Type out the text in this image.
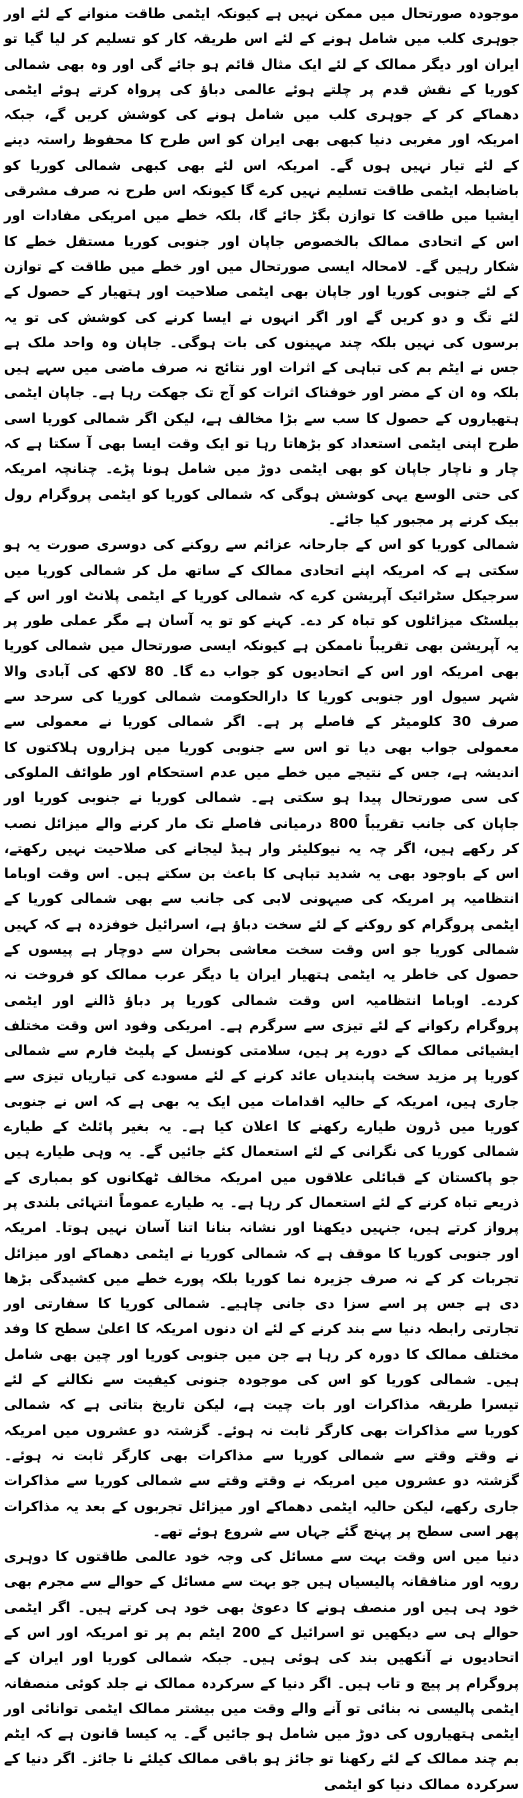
موجودہ صورتحال میں ممکن نہیں ہے کیونکہ ایٹمی طاقت منوانے کے لئے اور جوہری کلب میں شامل ہونے کے لئے اس طریقہ کار کو تسلیم کر لیا گیا تو ایران اور دیگر ممالک کے لئے ایک مثال قائم ہو جائے گی اور وہ بھی شمالی کوریا کے نقش قدم پر چلتے ہوئے عالمی دباؤ کی پرواہ کرتے ہوئے ایٹمی دھماکے کر کے جوہری کلب میں شامل ہونے کی کوشش کریں گے، جبکہ امریکہ اور مغربی دنیا کبھی بھی ایران کو اس طرح کا محفوظ راستہ دینے کے لئے تیار نہیں ہوں گے۔ امریکہ اس لئے بھی کبھی شمالی کوریا کو باضابطہ ایٹمی طاقت تسلیم نہیں کرے گا کیونکہ اس طرح نہ صرف مشرقی ایشیا میں طاقت کا توازن بگڑ جائے گا، بلکہ خطے میں امریکی مفادات اور اس کے اتحادی ممالک بالخصوص جاپان اور جنوبی کوریا مستقل خطے کا شکار رہیں گے۔ لامحالہ ایسی صورتحال میں اور خطے میں طاقت کے توازن کے لئے جنوبی کوریا اور جاپان بھی ایٹمی صلاحیت اور ہتھیار کے حصول کے لئے تگ و دو کریں گے اور اگر انہوں نے ایسا کرنے کی کوشش کی تو یہ برسوں کی نہیں بلکہ چند مہینوں کی بات ہوگی۔ جاپان وہ واحد ملک ہے جس نے ایٹم بم کی تباہی کے اثرات اور نتائج نہ صرف ماضی میں سہے ہیں بلکہ وہ ان کے مضر اور خوفناک اثرات کو آج تک جھکت رہا ہے۔ جاپان ایٹمی ہتھیاروں کے حصول کا سب سے بڑا مخالف ہے، لیکن اگر شمالی کوریا اسی طرح اپنی ایٹمی استعداد کو بڑھاتا رہا تو ایک وقت ایسا بھی آ سکتا ہے کہ چار و ناچار جاپان کو بھی ایٹمی دوڑ میں شامل ہونا پڑے۔ چنانچہ امریکہ کی حتی الوسع یہی کوشش ہوگی کہ شمالی کوریا کو ایٹمی پروگرام رول بیک کرنے پر مجبور کیا جائے۔

شمالی کوریا کو اس کے جارحانہ عزائم سے روکنے کی دوسری صورت یہ ہو سکتی ہے کہ امریکہ اپنے اتحادی ممالک کے ساتھ مل کر شمالی کوریا میں سرجیکل سٹرائیک آپریشن کرے کہ شمالی کوریا کے ایٹمی پلانٹ اور اس کے بیلسٹک میزائلوں کو تباہ کر دے۔ کہنے کو تو یہ آسان ہے مگر عملی طور پر یہ آپریشن بھی تقریباً ناممکن ہے کیونکہ ایسی صورتحال میں شمالی کوریا بھی امریکہ اور اس کے اتحادیوں کو جواب دے گا۔ 80 لاکھ کی آبادی والا شہر سیول اور جنوبی کوریا کا دارالحکومت شمالی کوریا کی سرحد سے صرف 30 کلومیٹر کے فاصلے پر ہے۔ اگر شمالی کوریا نے معمولی سے معمولی جواب بھی دیا تو اس سے جنوبی کوریا میں ہزاروں ہلاکتوں کا اندیشہ ہے، جس کے نتیجے میں خطے میں عدم استحکام اور طوائف الملوکی کی سی صورتحال پیدا ہو سکتی ہے۔ شمالی کوریا نے جنوبی کوریا اور جاپان کی جانب تقریباً 800 درمیانی فاصلے تک مار کرنے والے میزائل نصب کر رکھے ہیں، اگر چہ یہ نیوکلیئر وار ہیڈ لیجانے کی صلاحیت نہیں رکھتے، اس کے باوجود بھی یہ شدید تباہی کا باعث بن سکتے ہیں۔ اس وقت اوباما انتظامیہ پر امریکہ کی صیہونی لابی کی جانب سے بھی شمالی کوریا کے ایٹمی پروگرام کو روکنے کے لئے سخت دباؤ ہے، اسرائیل خوفزدہ ہے کہ کہیں شمالی کوریا جو اس وقت سخت معاشی بحران سے دوچار ہے پیسوں کے حصول کی خاطر یہ ایٹمی ہتھیار ایران یا دیگر عرب ممالک کو فروخت نہ کردے۔ اوباما انتظامیہ اس وقت شمالی کوریا پر دباؤ ڈالنے اور ایٹمی پروگرام رکوانے کے لئے تیزی سے سرگرم ہے۔ امریکی وفود اس وقت مختلف ایشیائی ممالک کے دورے پر ہیں، سلامتی کونسل کے پلیٹ فارم سے شمالی کوریا پر مزید سخت پابندیاں عائد کرنے کے لئے مسودے کی تیاریاں تیزی سے جاری ہیں، امریکہ کے حالیہ اقدامات میں ایک یہ بھی ہے کہ اس نے جنوبی کوریا میں ڈرون طیارے رکھنے کا اعلان کیا ہے۔ یہ بغیر پائلٹ کے طیارے شمالی کوریا کی نگرانی کے لئے استعمال کئے جائیں گے۔ یہ وہی طیارے ہیں جو پاکستان کے قبائلی علاقوں میں امریکہ مخالف ٹھکانوں کو بمباری کے ذریعے تباہ کرنے کے لئے استعمال کر رہا ہے۔ یہ طیارے عموماً انتہائی بلندی پر پرواز کرتے ہیں، جنہیں دیکھنا اور نشانہ بنانا اتنا آسان نہیں ہوتا۔ امریکہ اور جنوبی کوریا کا موقف ہے کہ شمالی کوریا نے ایٹمی دھماکے اور میزائل تجربات کر کے نہ صرف جزیرہ نما کوریا بلکہ پورے خطے میں کشیدگی بڑھا دی ہے جس پر اسے سزا دی جانی چاہیے۔ شمالی کوریا کا سفارتی اور تجارتی رابطہ دنیا سے بند کرنے کے لئے ان دنوں امریکہ کا اعلیٰ سطح کا وفد مختلف ممالک کا دورہ کر رہا ہے جن میں جنوبی کوریا اور چین بھی شامل ہیں۔ شمالی کوریا کو اس کی موجودہ جنونی کیفیت سے نکالنے کے لئے تیسرا طریقہ مذاکرات اور بات چیت ہے، لیکن تاریخ بتاتی ہے کہ شمالی کوریا سے مذاکرات بھی کارگر ثابت نہ ہوئے۔ گزشتہ دو عشروں میں امریکہ نے وقتے وقتے سے شمالی کوریا سے مذاکرات بھی کارگر ثابت نہ ہوئے۔ گزشتہ دو عشروں میں امریکہ نے وقتے وقتے سے شمالی کوریا سے مذاکرات جاری رکھے، لیکن حالیہ ایٹمی دھماکے اور میزائل تجربوں کے بعد یہ مذاکرات پھر اسی سطح پر پہنچ گئے جہاں سے شروع ہوئے تھے۔

دنیا میں اس وقت بہت سے مسائل کی وجہ خود عالمی طاقتوں کا دوہری رویہ اور منافقانہ پالیسیاں ہیں جو بہت سے مسائل کے حوالے سے مجرم بھی خود ہی ہیں اور منصف ہونے کا دعویٰ بھی خود ہی کرتے ہیں۔ اگر ایٹمی حوالے ہی سے دیکھیں تو اسرائیل کے 200 ایٹم بم پر تو امریکہ اور اس کے اتحادیوں نے آنکھیں بند کی ہوئی ہیں۔ جبکہ شمالی کوریا اور ایران کے پروگرام پر پیچ و تاب ہیں۔ اگر دنیا کے سرکردہ ممالک نے جلد کوئی منصفانہ ایٹمی پالیسی نہ بنائی تو آنے والے وقت میں بیشتر ممالک ایٹمی توانائی اور ایٹمی ہتھیاروں کی دوڑ میں شامل ہو جائیں گے۔ یہ کیسا قانون ہے کہ ایٹم بم چند ممالک کے لئے رکھنا تو جائز ہو باقی ممالک کیلئے نا جائز۔ اگر دنیا کے سرکردہ ممالک دنیا کو ایٹمی
